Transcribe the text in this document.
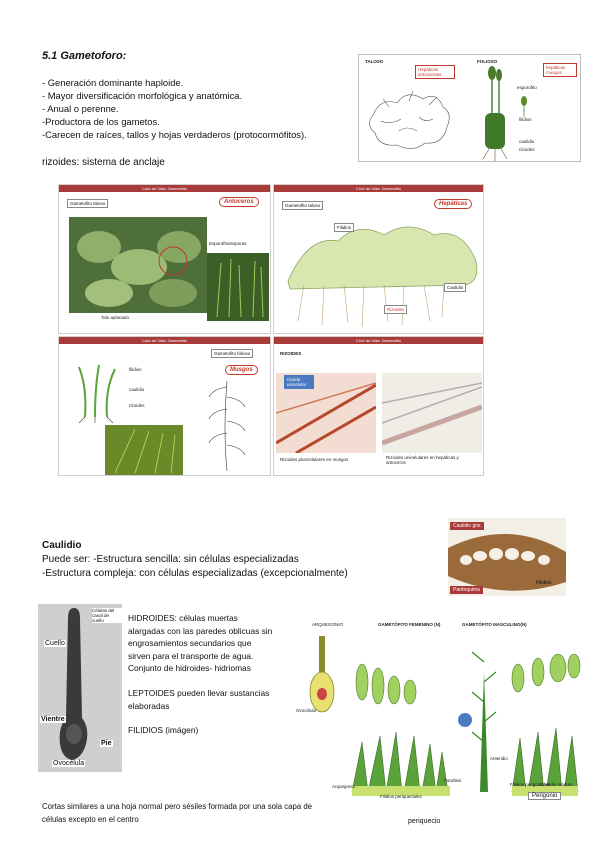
5.1 Gametoforo:
- Generación dominante haploide.
- Mayor diversificación morfológica y anatómica.
- Anual o perenne.
-Productora de los gametos.
-Carecen de raíces, tallos y hojas verdaderos (protocormófitos).
rizoides: sistema de anclaje
TALOSO	FOLIOSO
Hepáticas antocerotas
hepáticas musgos
esporofito
filidios
caulidio
rizoides
Ciclo de Vida: Gametofito
Gametofito taloso	Antoceros
Esporofito/esporas
Talo aplanado
Ciclo de Vida: Gametofito
Gametofito taloso	Hepáticas
Filidios
Caulidio
Rizoides
Ciclo de Vida: Gametofito
Gametofito folioso
Musgos
filidios
caulidio
rizoides
Ciclo de Vida: Gametofito
RIZOIDES
rizoide unicelular
Rizoides pluricelulares en musgos	Rizoides unicelulares en hepáticas y antoceros
Caulidio gris
Parénquima
Filidios
Caulidio
Puede ser: -Estructura sencilla: sin células especializadas
-Estructura compleja: con células especializadas (excepcionalmente)
Cuello
Vientre
Pie
Ovocélula
Células del canal de cuello	HIDROIDES: células muertas alargadas con las paredes oblicuas sin engrosamientos secundarios que sirven para el transporte de agua. Conjunto de hidroides- hidriomas

LEPTOIDES pueden llevar sustancias elaboradas

FILIDIOS (imágen)

ARQUEGONIO	GAMETÓFITO FEMENINO (N)	GAMETÓFITO MASCULINO(N)
Ovocélula
Arquegonio
Anteridio
Parafisis
Filidios periqueciales
Filidios perigoniales
Caulidio maduro
Perigonio
Cortas similares a una hoja normal pero sésiles formada por una sola capa de células excepto en el centro	periquecio
